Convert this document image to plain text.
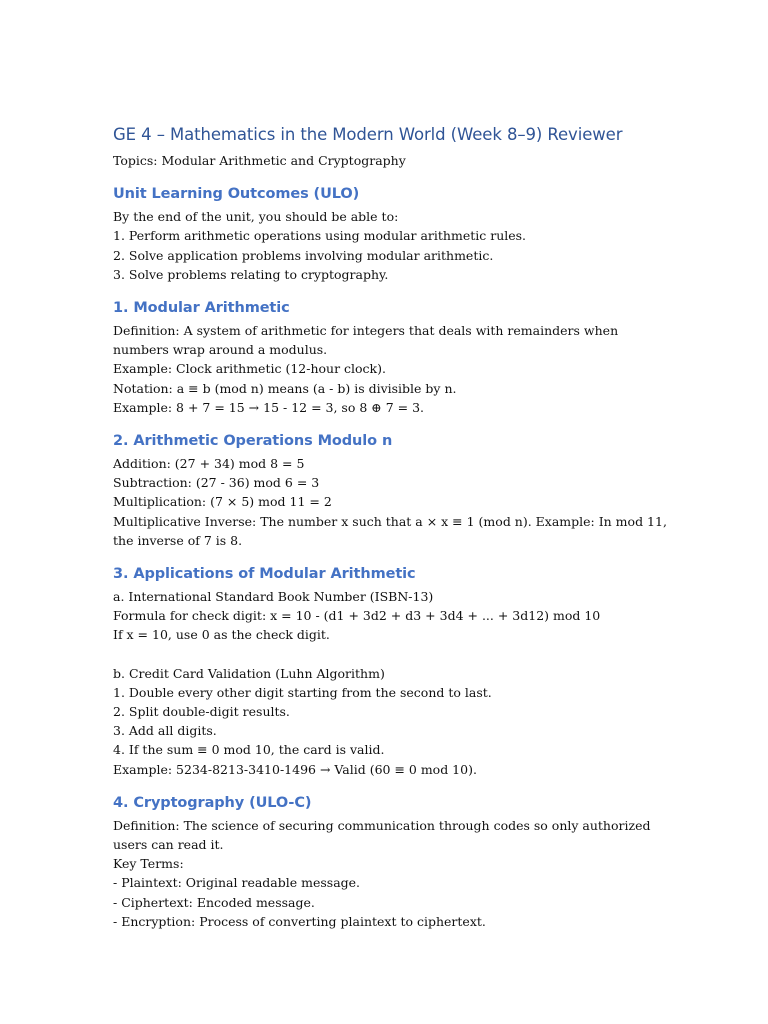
GE 4 – Mathematics in the Modern World (Week 8–9) Reviewer

Topics: Modular Arithmetic and Cryptography

Unit Learning Outcomes (ULO)

By the end of the unit, you should be able to:

1. Perform arithmetic operations using modular arithmetic rules.

2. Solve application problems involving modular arithmetic.

3. Solve problems relating to cryptography.

1. Modular Arithmetic

Definition: A system of arithmetic for integers that deals with remainders when numbers wrap around a modulus.

Example: Clock arithmetic (12-hour clock).

Notation: a ≡ b (mod n) means (a - b) is divisible by n.

Example: 8 + 7 = 15 → 15 - 12 = 3, so 8 ⊕ 7 = 3.

2. Arithmetic Operations Modulo n

Addition: (27 + 34) mod 8 = 5

Subtraction: (27 - 36) mod 6 = 3

Multiplication: (7 × 5) mod 11 = 2

Multiplicative Inverse: The number x such that a × x ≡ 1 (mod n). Example: In mod 11, the inverse of 7 is 8.

3. Applications of Modular Arithmetic

a. International Standard Book Number (ISBN-13)

Formula for check digit: x = 10 - (d1 + 3d2 + d3 + 3d4 + ... + 3d12) mod 10

If x = 10, use 0 as the check digit.

b. Credit Card Validation (Luhn Algorithm)

1. Double every other digit starting from the second to last.

2. Split double-digit results.

3. Add all digits.

4. If the sum ≡ 0 mod 10, the card is valid.

Example: 5234-8213-3410-1496 → Valid (60 ≡ 0 mod 10).

4. Cryptography (ULO-C)

Definition: The science of securing communication through codes so only authorized users can read it.

Key Terms:

- Plaintext: Original readable message.

- Ciphertext: Encoded message.

- Encryption: Process of converting plaintext to ciphertext.
